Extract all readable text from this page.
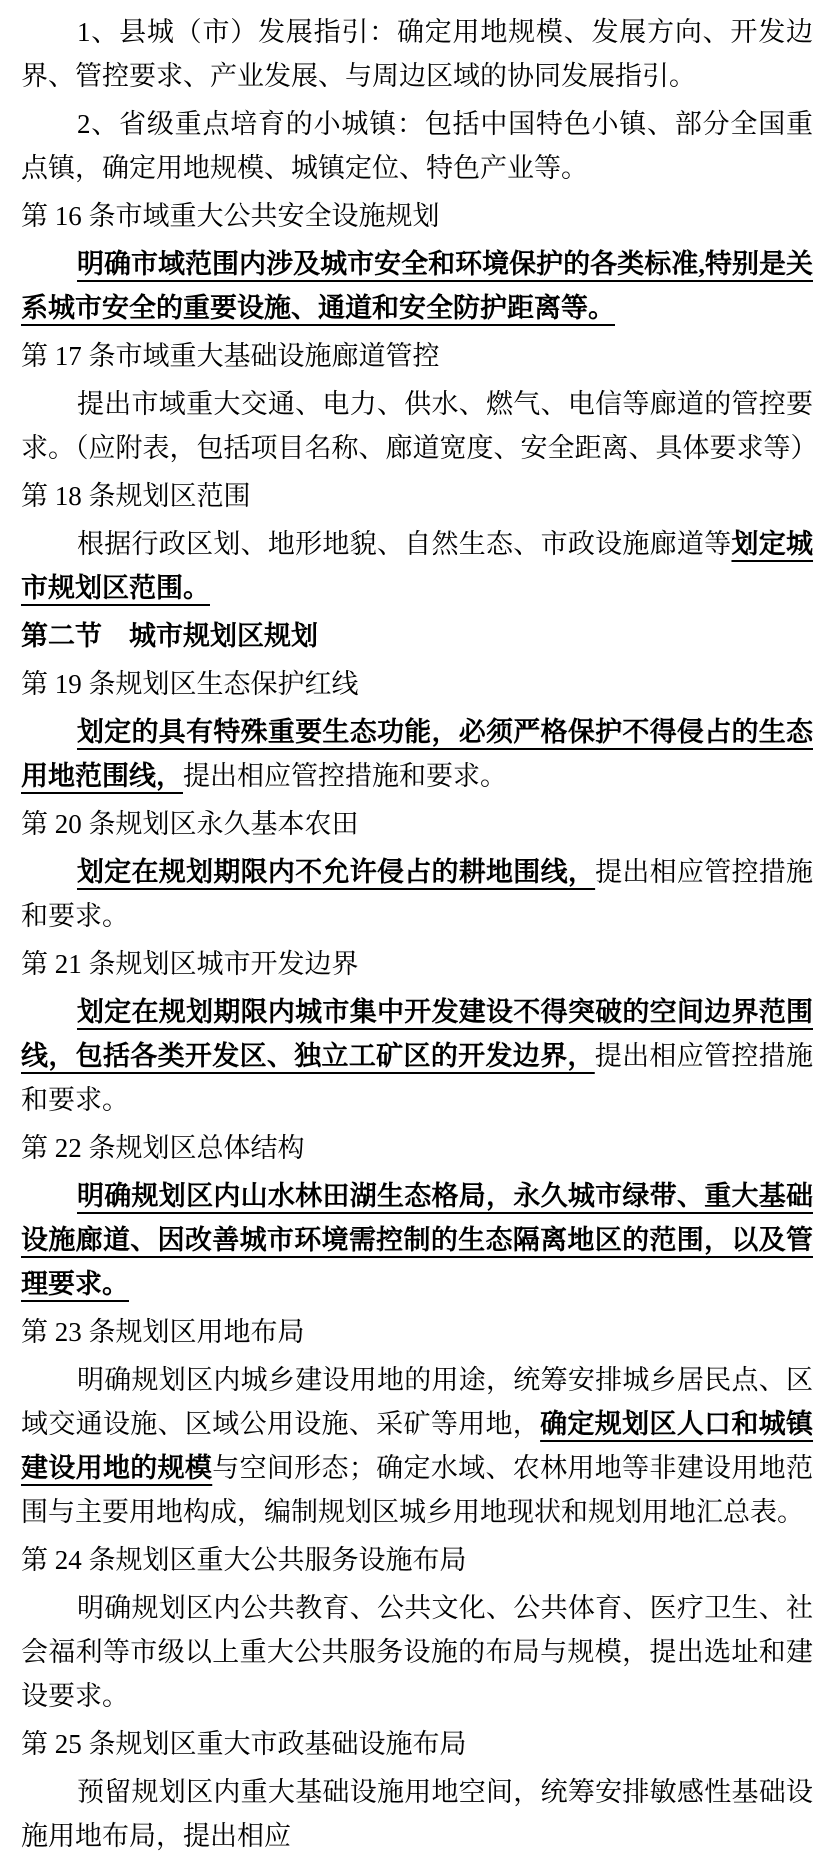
1、县城（市）发展指引：确定用地规模、发展方向、开发边界、管控要求、产业发展、与周边区域的协同发展指引。

2、省级重点培育的小城镇：包括中国特色小镇、部分全国重点镇，确定用地规模、城镇定位、特色产业等。

第 16 条市域重大公共安全设施规划

明确市域范围内涉及城市安全和环境保护的各类标准,特别是关系城市安全的重要设施、通道和安全防护距离等。

第 17 条市域重大基础设施廊道管控

提出市域重大交通、电力、供水、燃气、电信等廊道的管控要求。（应附表，包括项目名称、廊道宽度、安全距离、具体要求等）

第 18 条规划区范围

根据行政区划、地形地貌、自然生态、市政设施廊道等划定城市规划区范围。

第二节　城市规划区规划

第 19 条规划区生态保护红线

划定的具有特殊重要生态功能，必须严格保护不得侵占的生态用地范围线，提出相应管控措施和要求。

第 20 条规划区永久基本农田

划定在规划期限内不允许侵占的耕地围线，提出相应管控措施和要求。

第 21 条规划区城市开发边界

划定在规划期限内城市集中开发建设不得突破的空间边界范围线，包括各类开发区、独立工矿区的开发边界，提出相应管控措施和要求。

第 22 条规划区总体结构

明确规划区内山水林田湖生态格局，永久城市绿带、重大基础设施廊道、因改善城市环境需控制的生态隔离地区的范围，以及管理要求。

第 23 条规划区用地布局

明确规划区内城乡建设用地的用途，统筹安排城乡居民点、区域交通设施、区域公用设施、采矿等用地，确定规划区人口和城镇建设用地的规模与空间形态；确定水域、农林用地等非建设用地范围与主要用地构成，编制规划区城乡用地现状和规划用地汇总表。

第 24 条规划区重大公共服务设施布局

明确规划区内公共教育、公共文化、公共体育、医疗卫生、社会福利等市级以上重大公共服务设施的布局与规模，提出选址和建设要求。

第 25 条规划区重大市政基础设施布局

预留规划区内重大基础设施用地空间，统筹安排敏感性基础设施用地布局，提出相应
